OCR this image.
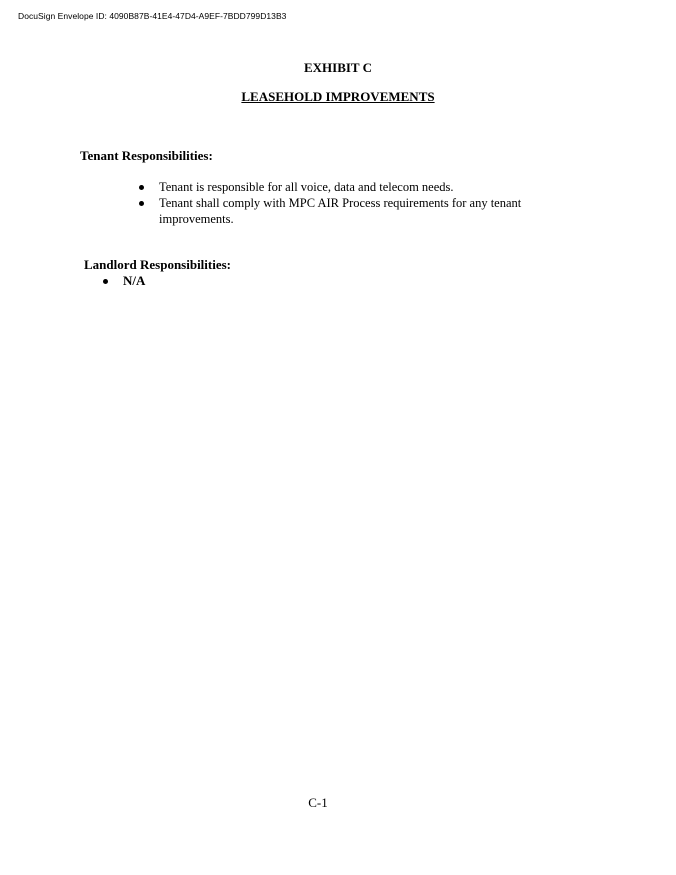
DocuSign Envelope ID: 4090B87B-41E4-47D4-A9EF-7BDD799D13B3
EXHIBIT C
LEASEHOLD IMPROVEMENTS
Tenant Responsibilities:
Tenant is responsible for all voice, data and telecom needs.
Tenant shall comply with MPC AIR Process requirements for any tenant improvements.
Landlord Responsibilities:
N/A
C-1
